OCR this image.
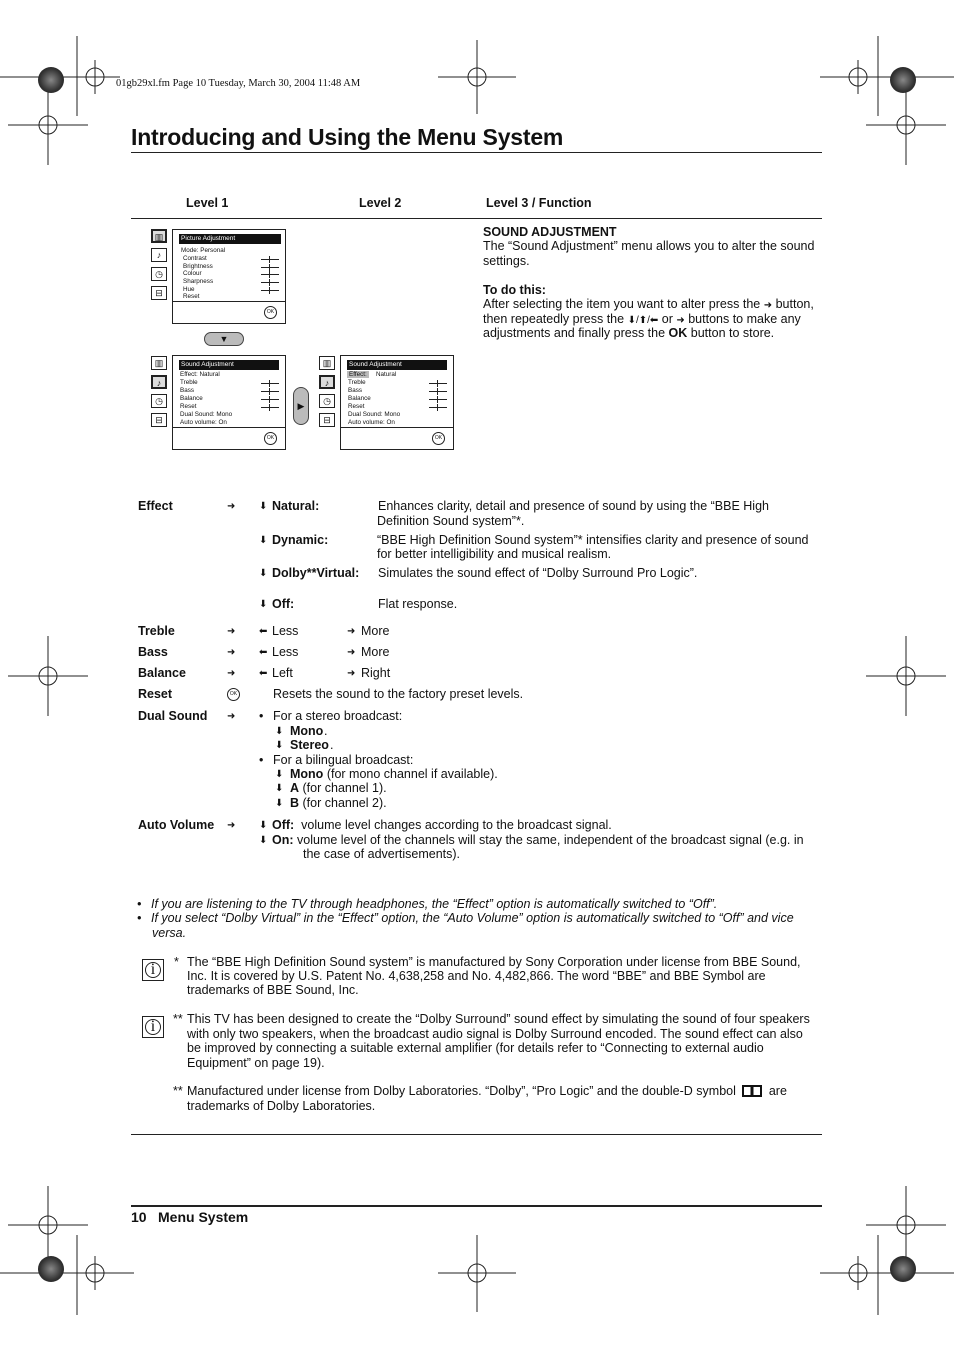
01gb29xl.fm Page 10 Tuesday, March 30, 2004 11:48 AM
Introducing and Using the Menu System
Level 1	Level 2	Level 3 / Function
▥
♪
◷
⊟
Picture Adjustment
Mode: Personal
Contrast
Brightness
Colour
Sharpness
Hue
Reset
OK
▼
▥
♪
◷
⊟
Sound Adjustment
Effect: Natural
Treble
Bass
Balance
Reset
Dual Sound: Mono
Auto volume: On
OK
▶
▥
♪
◷
⊟
Sound Adjustment
Effect:	Natural
Treble
Bass
Balance
Reset
Dual Sound: Mono
Auto volume: On
OK
SOUND ADJUSTMENT
The “Sound Adjustment” menu allows you to alter the sound settings.
To do this:
After selecting the item you want to alter press the ➜ button,
then repeatedly press the ⬇/⬆/⬅ or ➜ buttons to make any
adjustments and finally press the OK button to store.
Effect	➜ ⬇ Natural:	Enhances clarity, detail and presence of sound by using the “BBE High
Definition Sound system”*.
⬇ Dynamic:	“BBE High Definition Sound system”* intensifies clarity and presence of sound
for better intelligibility and musical realism.
⬇ Dolby**Virtual: Simulates the sound effect of “Dolby Surround Pro Logic”.
⬇ Off:	Flat response.
Treble	➜ ⬅ Less	➜ More
Bass	➜ ⬅ Less	➜ More
Balance	➜ ⬅ Left	➜ Right
Reset	OK	Resets the sound to the factory preset levels.
Dual Sound ➜ • For a stereo broadcast:
⬇ Mono .
⬇ Stereo .
• For a bilingual broadcast:
⬇ Mono (for mono channel if available).
⬇ A (for channel 1).
⬇ B (for channel 2).
Auto Volume ➜ ⬇ Off: volume level changes according to the broadcast signal.
⬇ On: volume level of the channels will stay the same, independent of the broadcast signal (e.g. in
the case of advertisements).
• If you are listening to the TV through headphones, the “Effect” option is automatically switched to “Off”.
• If you select “Dolby Virtual” in the “Effect” option, the “Auto Volume” option is automatically switched to “Off” and vice
versa.
i	* The “BBE High Definition Sound system” is manufactured by Sony Corporation under license from BBE Sound,
Inc. It is covered by U.S. Patent No. 4,638,258 and No. 4,482,866. The word “BBE” and BBE Symbol are
trademarks of BBE Sound, Inc.
i	** This TV has been designed to create the “Dolby Surround” sound effect by simulating the sound of four speakers
with only two speakers, when the broadcast audio signal is Dolby Surround encoded. The sound effect can also
be improved by connecting a suitable external amplifier (for details refer to “Connecting to external audio
Equipment” on page 19).
** Manufactured under license from Dolby Laboratories. “Dolby”, “Pro Logic” and the double-D symbol	are
trademarks of Dolby Laboratories.
10 Menu System
